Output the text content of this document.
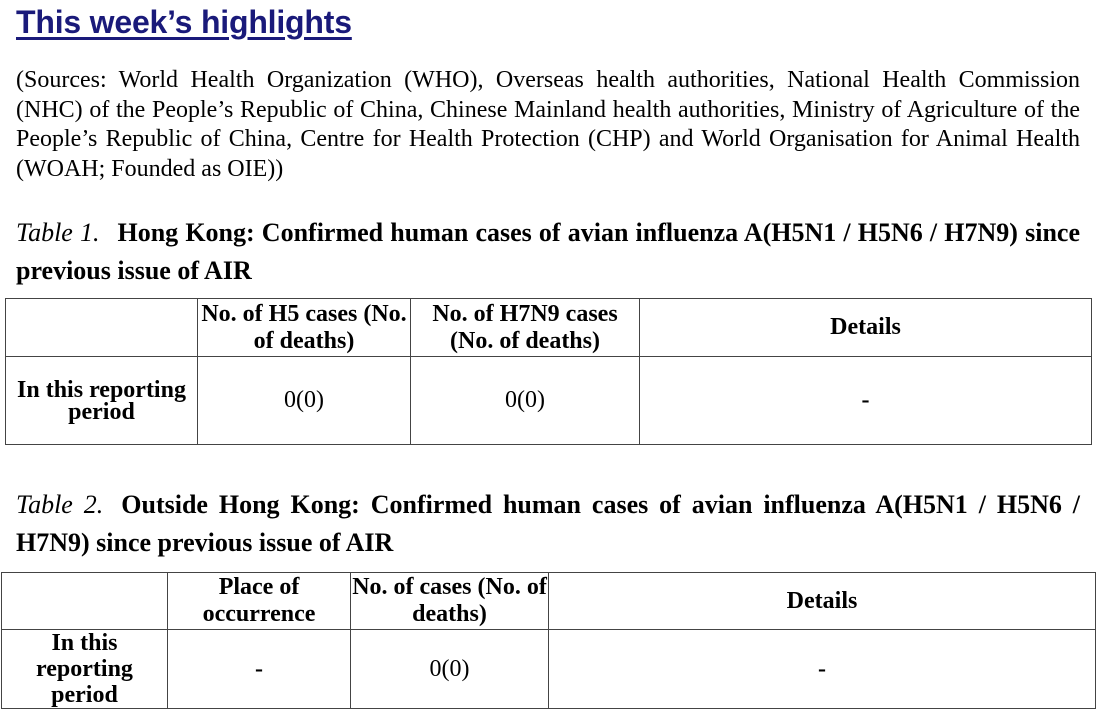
This week’s highlights

(Sources: World Health Organization (WHO), Overseas health authorities, National Health Commission (NHC) of the People’s Republic of China, Chinese Mainland health authorities, Ministry of Agriculture of the People’s Republic of China, Centre for Health Protection (CHP) and World Organisation for Animal Health (WOAH; Founded as OIE))

Table 1. Hong Kong: Confirmed human cases of avian influenza A(H5N1 / H5N6 / H7N9) since previous issue of AIR

	No. of H5 cases (No. of deaths)	No. of H7N9 cases (No. of deaths)	Details
In this reporting period	0(0)	0(0)	-

Table 2. Outside Hong Kong: Confirmed human cases of avian influenza A(H5N1 / H5N6 / H7N9) since previous issue of AIR

	Place of occurrence	No. of cases (No. of deaths)	Details
In this reporting period	-	0(0)	-
